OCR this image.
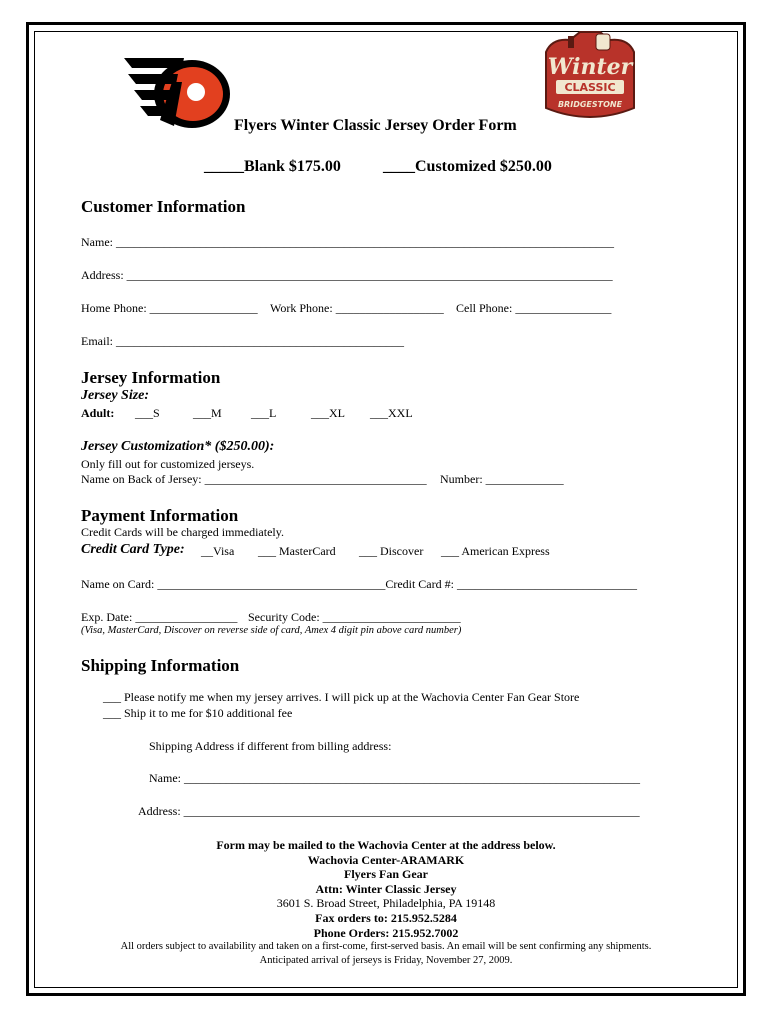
®
Winter
CLASSIC
BRIDGESTONE
Flyers Winter Classic Jersey Order Form
_____Blank $175.00	____Customized $250.00
Customer Information
Name: ___________________________________________________________________________________
Address: _________________________________________________________________________________
Home Phone: __________________ Work Phone: __________________ Cell Phone: ________________
Email: ________________________________________________
Jersey Information
Jersey Size:
Adult: ___S	___M ___L	___XL ___XXL
Jersey Customization* ($250.00):
Only fill out for customized jerseys.
Name on Back of Jersey: _____________________________________ Number: _____________
Payment Information
Credit Cards will be charged immediately.
Credit Card Type: __Visa ___ MasterCard ___ Discover ___ American Express
Name on Card: ______________________________________Credit Card #: ______________________________
Exp. Date: _________________ Security Code: _______________________
(Visa, MasterCard, Discover on reverse side of card, Amex 4 digit pin above card number)
Shipping Information
___ Please notify me when my jersey arrives. I will pick up at the Wachovia Center Fan Gear Store
___ Ship it to me for $10 additional fee
Shipping Address if different from billing address:
Name: ____________________________________________________________________________
Address: ____________________________________________________________________________
Form may be mailed to the Wachovia Center at the address below.
Wachovia Center-ARAMARK
Flyers Fan Gear
Attn: Winter Classic Jersey
3601 S. Broad Street, Philadelphia, PA 19148
Fax orders to: 215.952.5284
Phone Orders: 215.952.7002
All orders subject to availability and taken on a first-come, first-served basis. An email will be sent confirming any shipments.
Anticipated arrival of jerseys is Friday, November 27, 2009.
